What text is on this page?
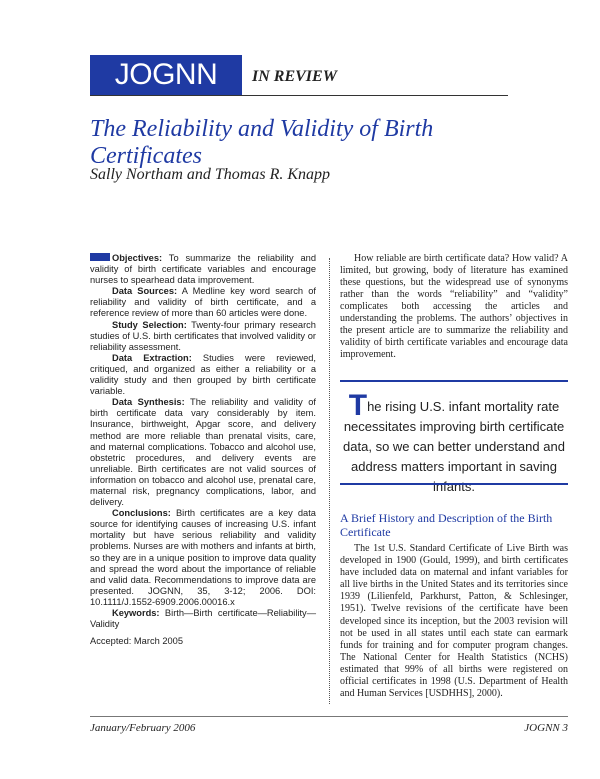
JOGNN	IN REVIEW
The Reliability and Validity of Birth Certificates
Sally Northam and Thomas R. Knapp

Objectives: To summarize the reliability and validity of birth certificate variables and encourage nurses to spearhead data improvement.

Data Sources: A Medline key word search of reliability and validity of birth certificate, and a reference review of more than 60 articles were done.

Study Selection: Twenty-four primary research studies of U.S. birth certificates that involved validity or reliability assessment.

Data Extraction: Studies were reviewed, critiqued, and organized as either a reliability or a validity study and then grouped by birth certificate variable.

Data Synthesis: The reliability and validity of birth certificate data vary considerably by item. Insurance, birthweight, Apgar score, and delivery method are more reliable than prenatal visits, care, and maternal complications. Tobacco and alcohol use, obstetric procedures, and delivery events are unreliable. Birth certificates are not valid sources of information on tobacco and alcohol use, prenatal care, maternal risk, pregnancy complications, labor, and delivery.

Conclusions: Birth certificates are a key data source for identifying causes of increasing U.S. infant mortality but have serious reliability and validity problems. Nurses are with mothers and infants at birth, so they are in a unique position to improve data quality and spread the word about the importance of reliable and valid data. Recommendations to improve data are presented. JOGNN, 35, 3-12; 2006. DOI: 10.1111/J.1552-6909.2006.00016.x

Keywords: Birth—Birth certificate—Reliability—Validity

Accepted: March 2005

How reliable are birth certificate data? How valid? A limited, but growing, body of literature has examined these questions, but the widespread use of synonyms rather than the words “reliability” and “validity” complicates both accessing the articles and understanding the problems. The authors’ objectives in the present article are to summarize the reliability and validity of birth certificate variables and encourage data improvement.

The rising U.S. infant mortality rate necessitates improving birth certificate data, so we can better understand and address matters important in saving infants.
A Brief History and Description of the Birth Certificate

The 1st U.S. Standard Certificate of Live Birth was developed in 1900 (Gould, 1999), and birth certificates have included data on maternal and infant variables for all live births in the United States and its territories since 1939 (Lilienfeld, Parkhurst, Patton, & Schlesinger, 1951). Twelve revisions of the certificate have been developed since its inception, but the 2003 revision will not be used in all states until each state can earmark funds for training and for computer program changes. The National Center for Health Statistics (NCHS) estimated that 99% of all births were registered on official certificates in 1998 (U.S. Department of Health and Human Services [USDHHS], 2000).

January/February 2006	JOGNN 3
